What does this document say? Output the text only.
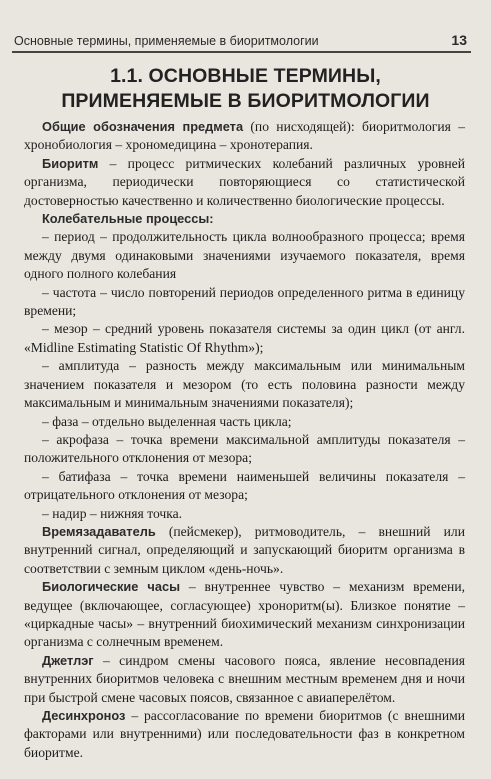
Основные термины, применяемые в биоритмологии	13
1.1. ОСНОВНЫЕ ТЕРМИНЫ,
ПРИМЕНЯЕМЫЕ В БИОРИТМОЛОГИИ

Общие обозначения предмета (по нисходящей): биоритмология – хронобиология – хрономедицина – хронотерапия.

Биоритм – процесс ритмических колебаний различных уровней организма, периодически повторяющиеся со статистической достоверностью качественно и количественно биологические процессы.

Колебательные процессы:

– период – продолжительность цикла волнообразного процесса; время между двумя одинаковыми значениями изучаемого показателя, время одного полного колебания

– частота – число повторений периодов определенного ритма в единицу времени;

– мезор – средний уровень показателя системы за один цикл (от англ. «Midline Estimating Statistic Of Rhythm»);

– амплитуда – разность между максимальным или минимальным значением показателя и мезором (то есть половина разности между максимальным и минимальным значениями показателя);

– фаза – отдельно выделенная часть цикла;

– акрофаза – точка времени максимальной амплитуды показателя – положительного отклонения от мезора;

– батифаза – точка времени наименьшей величины показателя – отрицательного отклонения от мезора;

– надир – нижняя точка.

Времязадаватель (пейсмекер), ритмоводитель, – внешний или внутренний сигнал, определяющий и запускающий биоритм организма в соответствии с земным циклом «день-ночь».

Биологические часы – внутреннее чувство – механизм времени, ведущее (включающее, согласующее) хроноритм(ы). Близкое понятие – «циркадные часы» – внутренний биохимический механизм синхронизации организма с солнечным временем.

Джетлэг – синдром смены часового пояса, явление несовпадения внутренних биоритмов человека с внешним местным временем дня и ночи при быстрой смене часовых поясов, связанное с авиаперелётом.

Десинхроноз – рассогласование по времени биоритмов (с внешними факторами или внутренними) или последовательности фаз в конкретном биоритме.
